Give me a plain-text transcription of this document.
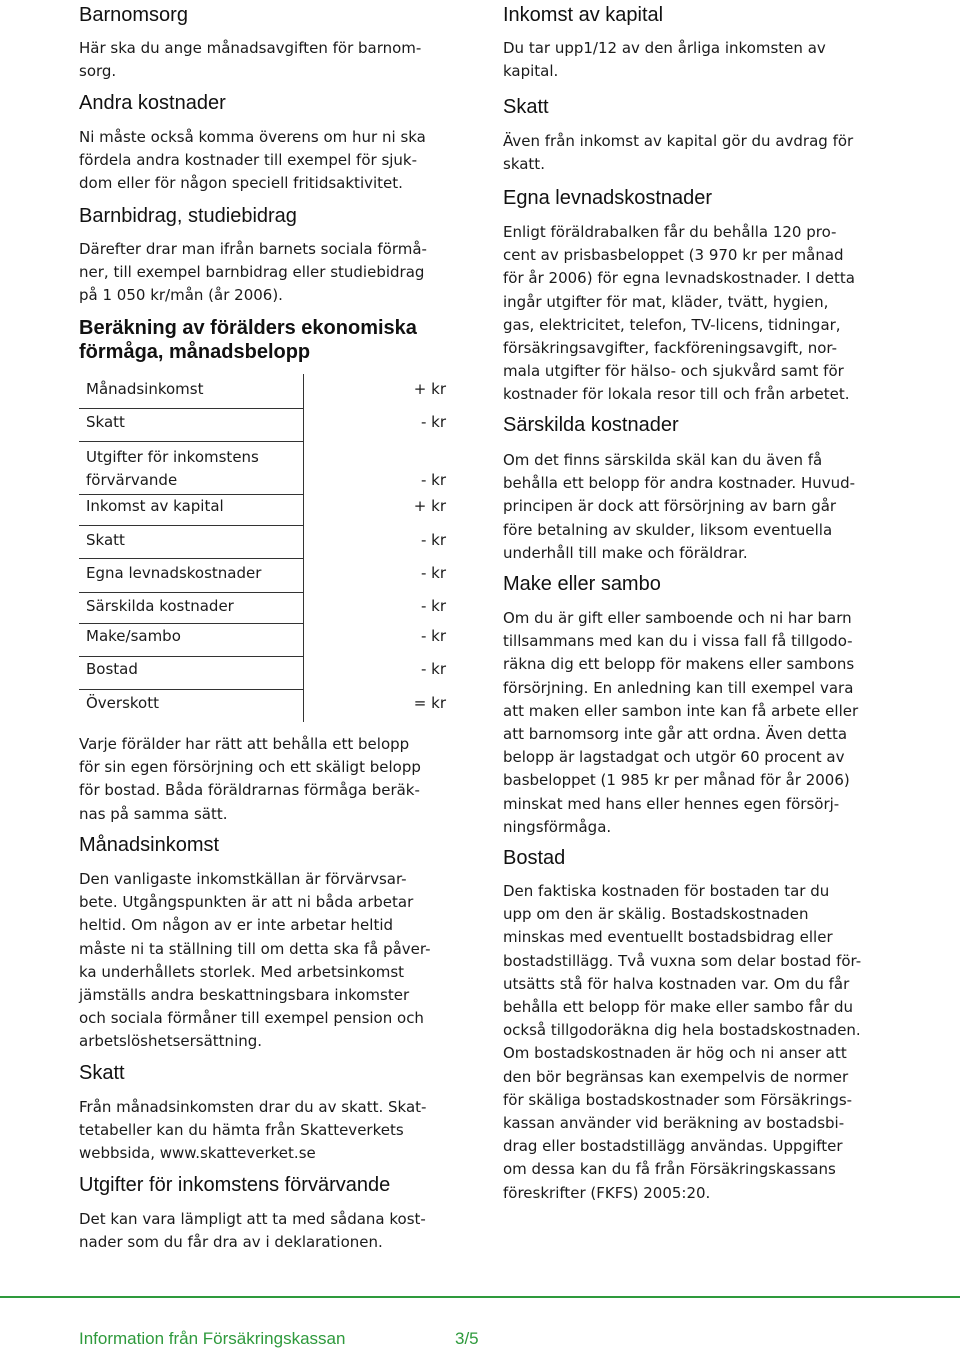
Barnomsorg
Här ska du ange månadsavgiften för barnom-
sorg.
Andra kostnader
Ni måste också komma överens om hur ni ska
fördela andra kostnader till exempel för sjuk-
dom eller för någon speciell fritidsaktivitet.
Barnbidrag, studiebidrag
Därefter drar man ifrån barnets sociala förmå-
ner, till exempel barnbidrag eller studiebidrag
på 1 050 kr/mån (år 2006).
Beräkning av förälders ekonomiska
förmåga, månadsbelopp
Månadsinkomst	+ kr
Skatt	- kr
Utgifter för inkomstens
förvärvande	- kr
Inkomst av kapital	+ kr
Skatt	- kr
Egna levnadskostnader	- kr
Särskilda kostnader	- kr
Make/sambo	- kr
Bostad	- kr
Överskott	= kr
Varje förälder har rätt att behålla ett belopp
för sin egen försörjning och ett skäligt belopp
för bostad. Båda föräldrarnas förmåga beräk-
nas på samma sätt.
Månadsinkomst
Den vanligaste inkomstkällan är förvärvsar-
bete. Utgångspunkten är att ni båda arbetar
heltid. Om någon av er inte arbetar heltid
måste ni ta ställning till om detta ska få påver-
ka underhållets storlek. Med arbetsinkomst
jämställs andra beskattningsbara inkomster
och sociala förmåner till exempel pension och
arbetslöshetsersättning.
Skatt
Från månadsinkomsten drar du av skatt. Skat-
tetabeller kan du hämta från Skatteverkets
webbsida, www.skatteverket.se
Utgifter för inkomstens förvärvande
Det kan vara lämpligt att ta med sådana kost-
nader som du får dra av i deklarationen.
Inkomst av kapital
Du tar upp1/12 av den årliga inkomsten av
kapital.
Skatt
Även från inkomst av kapital gör du avdrag för
skatt.
Egna levnadskostnader
Enligt föräldrabalken får du behålla 120 pro-
cent av prisbasbeloppet (3 970 kr per månad
för år 2006) för egna levnadskostnader. I detta
ingår utgifter för mat, kläder, tvätt, hygien,
gas, elektricitet, telefon, TV-licens, tidningar,
försäkringsavgifter, fackföreningsavgift, nor-
mala utgifter för hälso- och sjukvård samt för
kostnader för lokala resor till och från arbetet.
Särskilda kostnader
Om det finns särskilda skäl kan du även få
behålla ett belopp för andra kostnader. Huvud-
principen är dock att försörjning av barn går
före betalning av skulder, liksom eventuella
underhåll till make och föräldrar.
Make eller sambo
Om du är gift eller samboende och ni har barn
tillsammans med kan du i vissa fall få tillgodo-
räkna dig ett belopp för makens eller sambons
försörjning. En anledning kan till exempel vara
att maken eller sambon inte kan få arbete eller
att barnomsorg inte går att ordna. Även detta
belopp är lagstadgat och utgör 60 procent av
basbeloppet (1 985 kr per månad för år 2006)
minskat med hans eller hennes egen försörj-
ningsförmåga.
Bostad
Den faktiska kostnaden för bostaden tar du
upp om den är skälig. Bostadskostnaden
minskas med eventuellt bostadsbidrag eller
bostadstillägg. Två vuxna som delar bostad för-
utsätts stå för halva kostnaden var. Om du får
behålla ett belopp för make eller sambo får du
också tillgodoräkna dig hela bostadskostnaden.
Om bostadskostnaden är hög och ni anser att
den bör begränsas kan exempelvis de normer
för skäliga bostadskostnader som Försäkrings-
kassan använder vid beräkning av bostadsbi-
drag eller bostadstillägg användas. Uppgifter
om dessa kan du få från Försäkringskassans
föreskrifter (FKFS) 2005:20.
Information från Försäkringskassan	3/5
